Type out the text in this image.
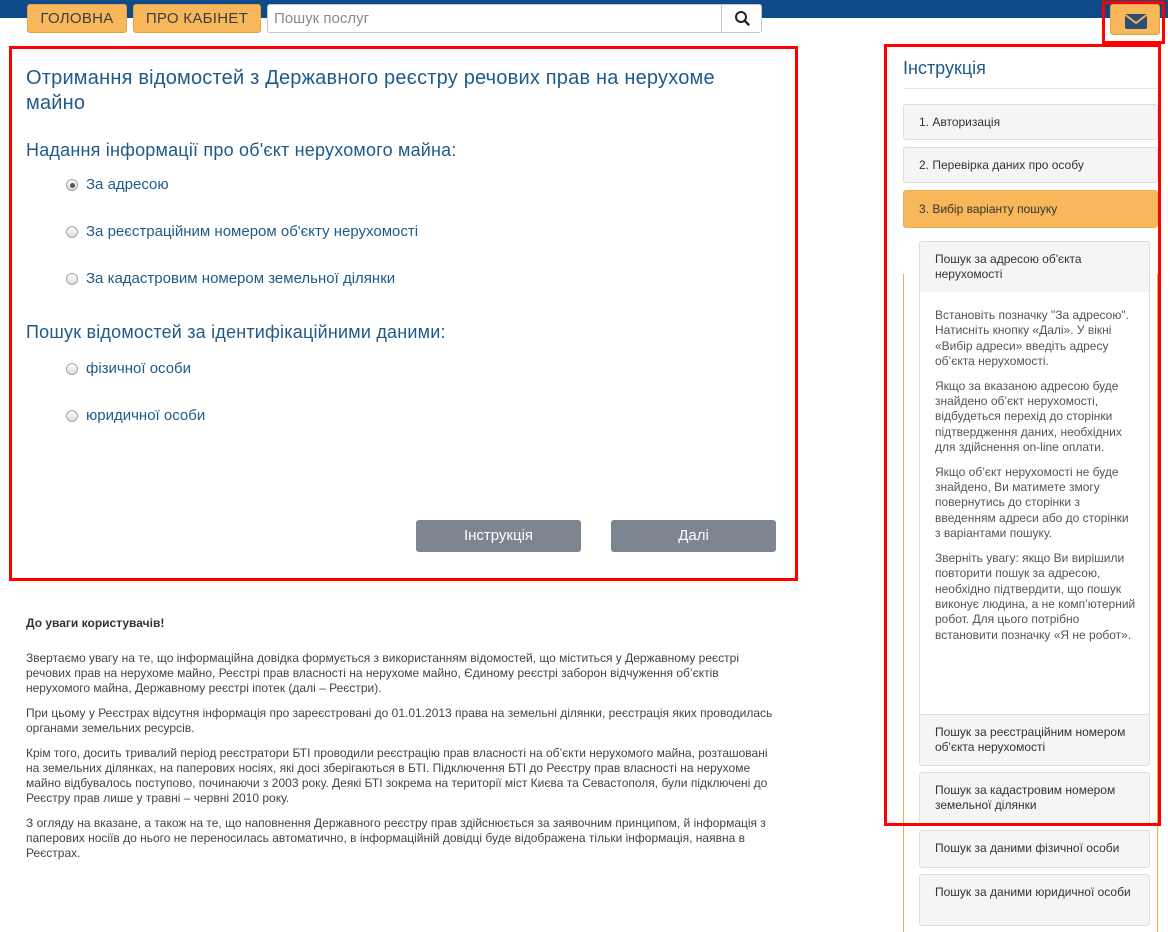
ГОЛОВНА	ПРО КАБІНЕТ
Пошук послуг
Отримання відомостей з Державного реєстру речових прав на нерухоме майно
Надання інформації про об'єкт нерухомого майна:
За адресою
За реєстраційним номером об'єкту нерухомості
За кадастровим номером земельної ділянки
Пошук відомостей за ідентифікаційними даними:
фізичної особи
юридичної особи
Інструкція	Далі
До уваги користувачів!

Звертаємо увагу на те, що інформаційна довідка формується з використанням відомостей, що міститься у Державному реєстрі речових прав на нерухоме майно, Реєстрі прав власності на нерухоме майно, Єдиному реєстрі заборон відчуження об’єктів нерухомого майна, Державному реєстрі іпотек (далі – Реєстри).

При цьому у Реєстрах відсутня інформація про зареєстровані до 01.01.2013 права на земельні ділянки, реєстрація яких проводилась органами земельних ресурсів.

Крім того, досить тривалий період реєстратори БТІ проводили реєстрацію прав власності на об’єкти нерухомого майна, розташовані на земельних ділянках, на паперових носіях, які досі зберігаються в БТІ. Підключення БТІ до Реєстру прав власності на нерухоме майно відбувалось поступово, починаючи з 2003 року. Деякі БТІ зокрема на території міст Києва та Севастополя, були підключені до Реєстру прав лише у травні – червні 2010 року.

З огляду на вказане, а також на те, що наповнення Державного реєстру прав здійснюється за заявочним принципом, й інформація з паперових носіїв до нього не переносилась автоматично, в інформаційній довідці буде відображена тільки інформація, наявна в Реєстрах.

Інструкція
1. Авторизація
2. Перевірка даних про особу
3. Вибір варіанту пошуку
Пошук за адресою об'єкта нерухомості

Встановіть позначку "За адресою". Натисніть кнопку «Далі». У вікні «Вибір адреси» введіть адресу об’єкта нерухомості.

Якщо за вказаною адресою буде знайдено об’єкт нерухомості, відбудеться перехід до сторінки підтвердження даних, необхідних для здійснення on-line оплати.

Якщо об’єкт нерухомості не буде знайдено, Ви матимете змогу повернутись до сторінки з введенням адреси або до сторінки з варіантами пошуку.

Зверніть увагу: якщо Ви вирішили повторити пошук за адресою, необхідно підтвердити, що пошук виконує людина, а не комп’ютерний робот. Для цього потрібно встановити позначку «Я не робот».

Пошук за реєстраційним номером об'єкта нерухомості
Пошук за кадастровим номером земельної ділянки
Пошук за даними фізичної особи
Пошук за даними юридичної особи
